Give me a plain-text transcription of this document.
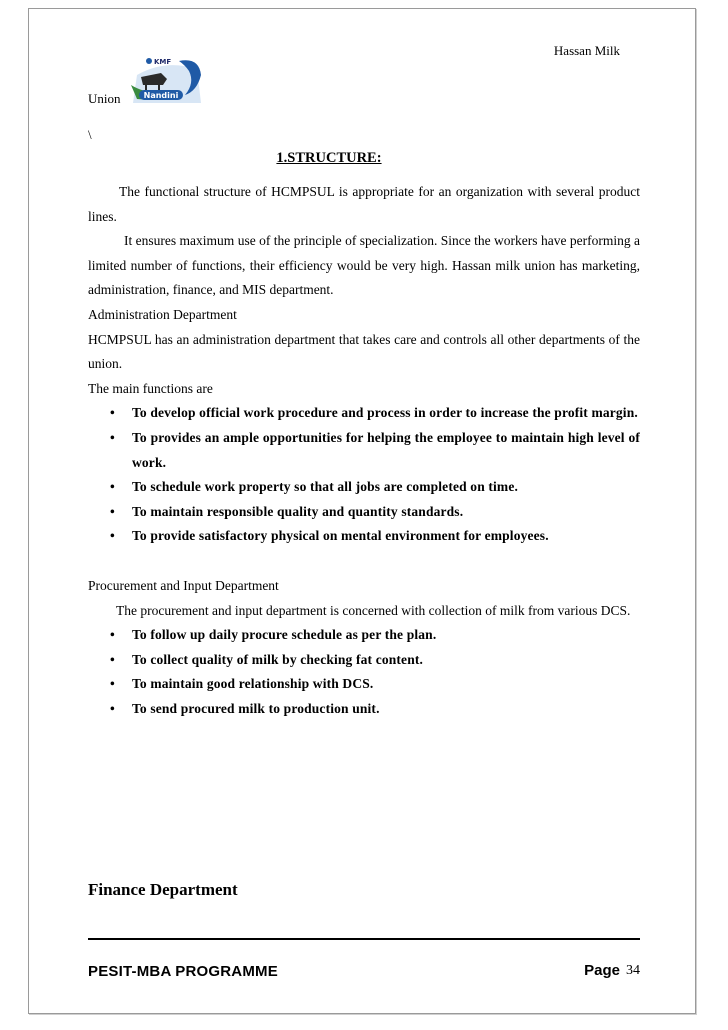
Hassan Milk
KMF
Nandini
Union
\
1.STRUCTURE:

The functional structure of HCMPSUL is appropriate for an organization with several product lines.

It ensures maximum use of the principle of specialization. Since the workers have performing a limited number of functions, their efficiency would be very high. Hassan milk union has marketing, administration, finance, and MIS department.

Administration Department

HCMPSUL has an administration department that takes care and controls all other departments of the union.

The main functions are

• To develop official work procedure and process in order to increase the profit margin.
• To provides an ample opportunities for helping the employee to maintain high level of work.
• To schedule work property so that all jobs are completed on time.
• To maintain responsible quality and quantity standards.
• To provide satisfactory physical on mental environment for employees.

Procurement and Input Department

The procurement and input department is concerned with collection of milk from various DCS.

• To follow up daily procure schedule as per the plan.
• To collect quality of milk by checking fat content.
• To maintain good relationship with DCS.
• To send procured milk to production unit.
Finance Department
PESIT-MBA PROGRAMME	Page 34
